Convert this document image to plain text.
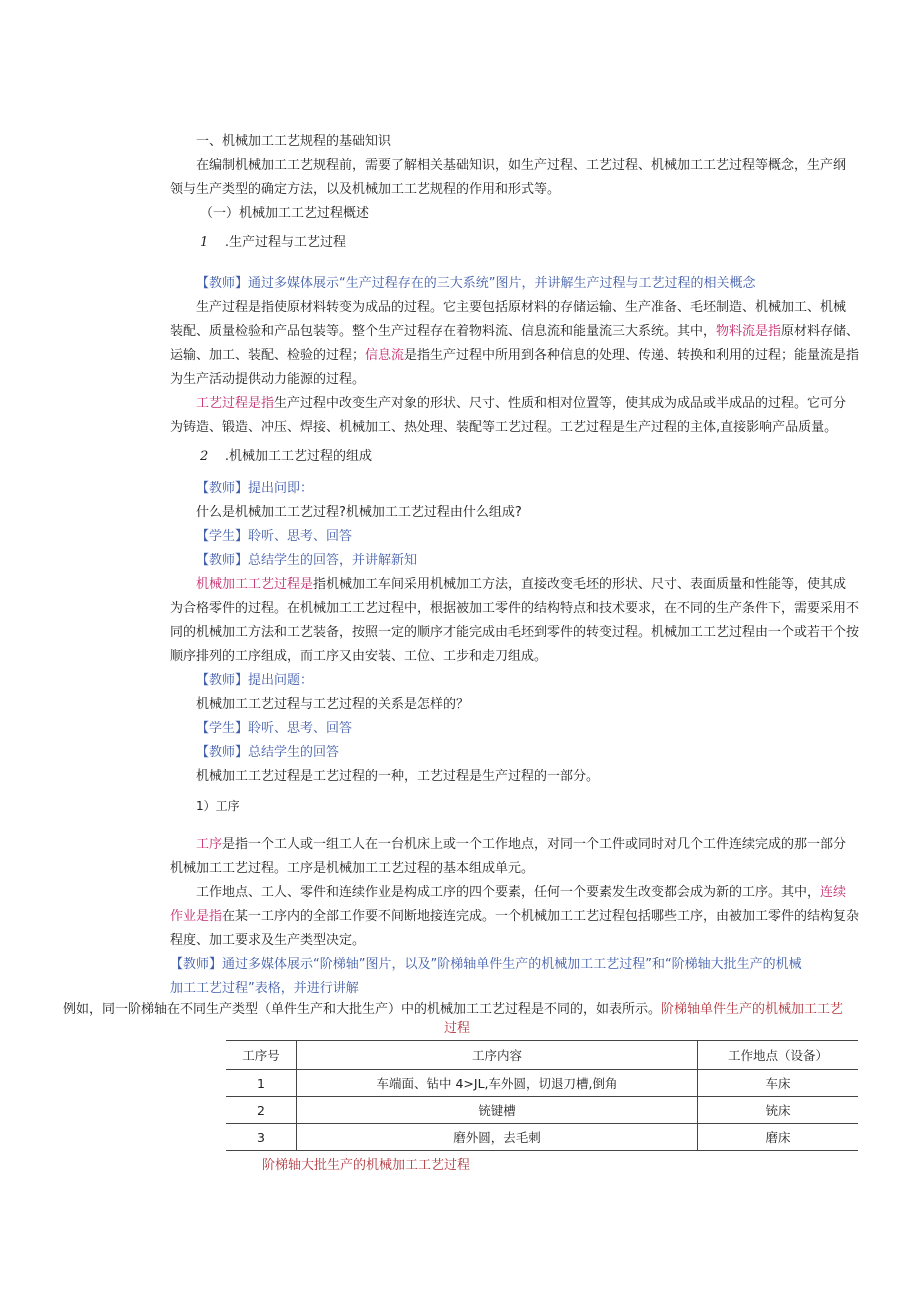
一、机械加工工艺规程的基础知识
在编制机械加工工艺规程前，需要了解相关基础知识，如生产过程、工艺过程、机械加工工艺过程等概念，生产纲
领与生产类型的确定方法，以及机械加工工艺规程的作用和形式等。
（一）机械加工工艺过程概述
1 .生产过程与工艺过程
【教师】通过多媒体展示“生产过程存在的三大系统”图片，并讲解生产过程与工艺过程的相关概念
生产过程是指使原材料转变为成品的过程。它主要包括原材料的存储运输、生产准备、毛坯制造、机械加工、机械
装配、质量检验和产品包装等。整个生产过程存在着物料流、信息流和能量流三大系统。其中，物料流是指原材料存储、
运输、加工、装配、检验的过程；信息流是指生产过程中所用到各种信息的处理、传递、转换和利用的过程；能量流是指
为生产活动提供动力能源的过程。
工艺过程是指生产过程中改变生产对象的形状、尺寸、性质和相对位置等，使其成为成品或半成品的过程。它可分
为铸造、锻造、冲压、焊接、机械加工、热处理、装配等工艺过程。工艺过程是生产过程的主体,直接影响产品质量。
2 .机械加工工艺过程的组成
【教师】提出问即：
什么是机械加工工艺过程?机械加工工艺过程由什么组成?
【学生】聆听、思考、回答
【教师】总结学生的回答，并讲解新知
机械加工工艺过程是指机械加工车间采用机械加工方法，直接改变毛坯的形状、尺寸、表面质量和性能等，使其成
为合格零件的过程。在机械加工工艺过程中，根据被加工零件的结构特点和技术要求，在不同的生产条件下，需要采用不
同的机械加工方法和工艺装备，按照一定的顺序才能完成由毛坯到零件的转变过程。机械加工工艺过程由一个或若干个按
顺序排列的工序组成，而工序又由安装、工位、工步和走刀组成。
【教师】提出问题：
机械加工工艺过程与工艺过程的关系是怎样的？
【学生】聆听、思考、回答
【教师】总结学生的回答
机械加工工艺过程是工艺过程的一种，工艺过程是生产过程的一部分。
1）工序
工序是指一个工人或一组工人在一台机床上或一个工作地点，对同一个工件或同时对几个工件连续完成的那一部分
机械加工工艺过程。工序是机械加工工艺过程的基本组成单元。
工作地点、工人、零件和连续作业是构成工序的四个要素，任何一个要素发生改变都会成为新的工序。其中，连续
作业是指在某一工序内的全部工作要不间断地接连完成。一个机械加工工艺过程包括哪些工序，由被加工零件的结构复杂
程度、加工要求及生产类型决定。
【教师】通过多媒体展示“阶梯轴”图片，以及”阶梯轴单件生产的机械加工工艺过程”和“阶梯轴大批生产的机械
加工工艺过程”表格，并进行讲解
例如，同一阶梯轴在不同生产类型（单件生产和大批生产）中的机械加工工艺过程是不同的，如表所示。阶梯轴单件生产的机械加工工艺
过程
工序号	工序内容	工作地点（设备）
1	车端面、钻中 4>JL,车外圆，切退刀槽,倒角	车床
2	铳键槽	铳床
3	磨外圆，去毛刺	磨床
阶梯轴大批生产的机械加工工艺过程
